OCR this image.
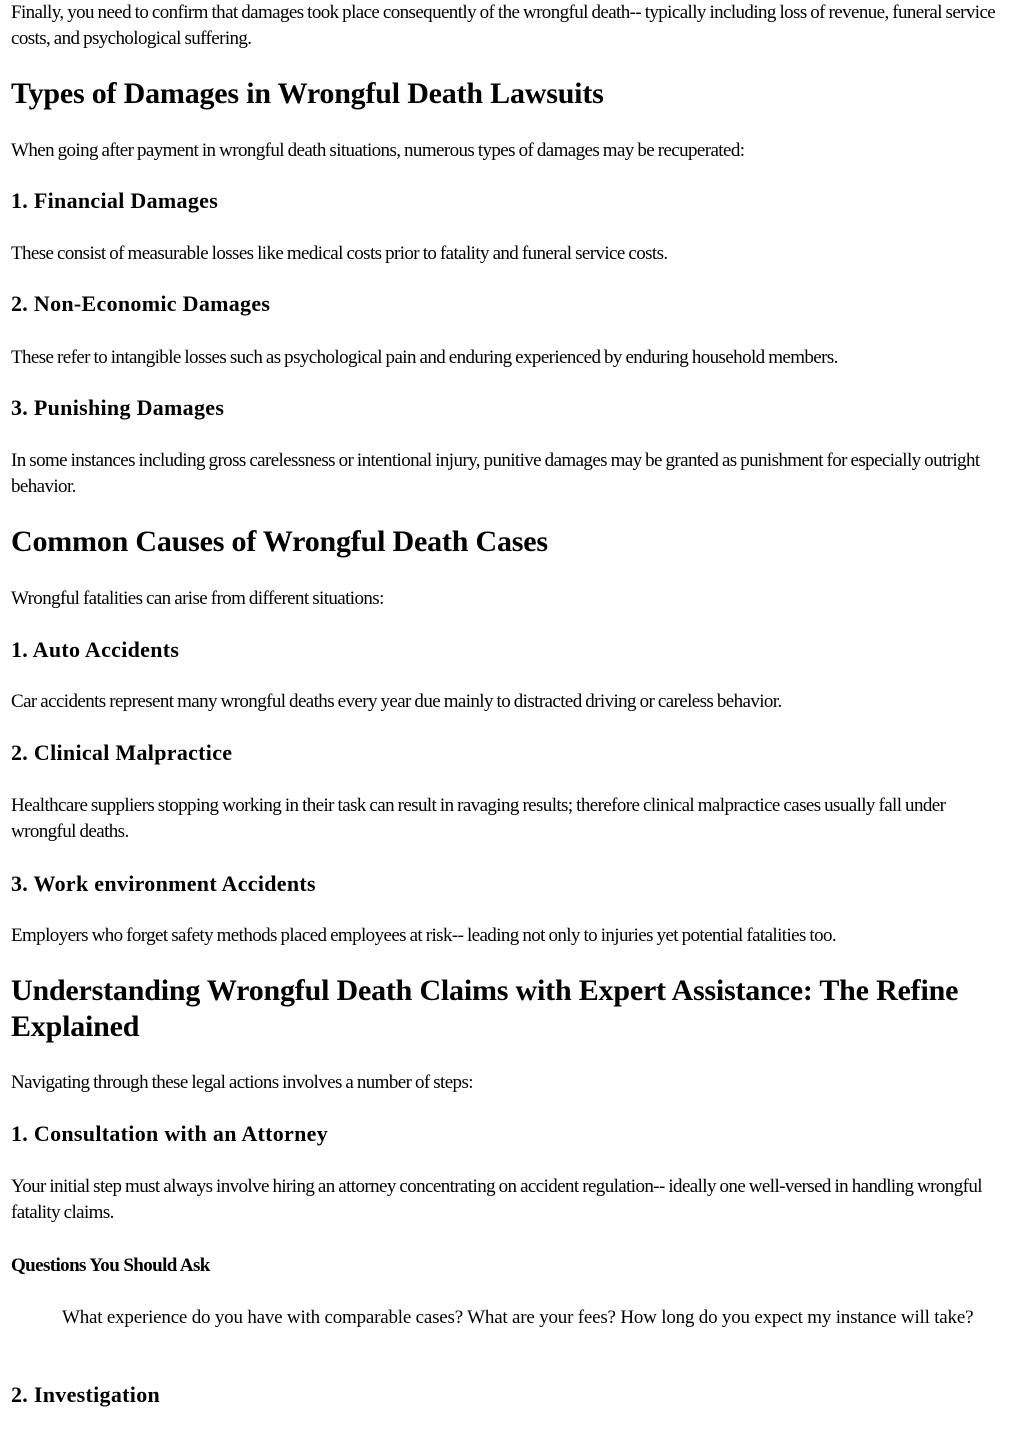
Finally, you need to confirm that damages took place consequently of the wrongful death-- typically including loss of revenue, funeral service costs, and psychological suffering.

Types of Damages in Wrongful Death Lawsuits

When going after payment in wrongful death situations, numerous types of damages may be recuperated:

1. Financial Damages

These consist of measurable losses like medical costs prior to fatality and funeral service costs.

2. Non-Economic Damages

These refer to intangible losses such as psychological pain and enduring experienced by enduring household members.

3. Punishing Damages

In some instances including gross carelessness or intentional injury, punitive damages may be granted as punishment for especially outright behavior.

Common Causes of Wrongful Death Cases

Wrongful fatalities can arise from different situations:

1. Auto Accidents

Car accidents represent many wrongful deaths every year due mainly to distracted driving or careless behavior.

2. Clinical Malpractice

Healthcare suppliers stopping working in their task can result in ravaging results; therefore clinical malpractice cases usually fall under wrongful deaths.

3. Work environment Accidents

Employers who forget safety methods placed employees at risk-- leading not only to injuries yet potential fatalities too.

Understanding Wrongful Death Claims with Expert Assistance: The Refine Explained

Navigating through these legal actions involves a number of steps:

1. Consultation with an Attorney

Your initial step must always involve hiring an attorney concentrating on accident regulation-- ideally one well-versed in handling wrongful fatality claims.

Questions You Should Ask
What experience do you have with comparable cases? What are your fees? How long do you expect my instance will take?
2. Investigation
